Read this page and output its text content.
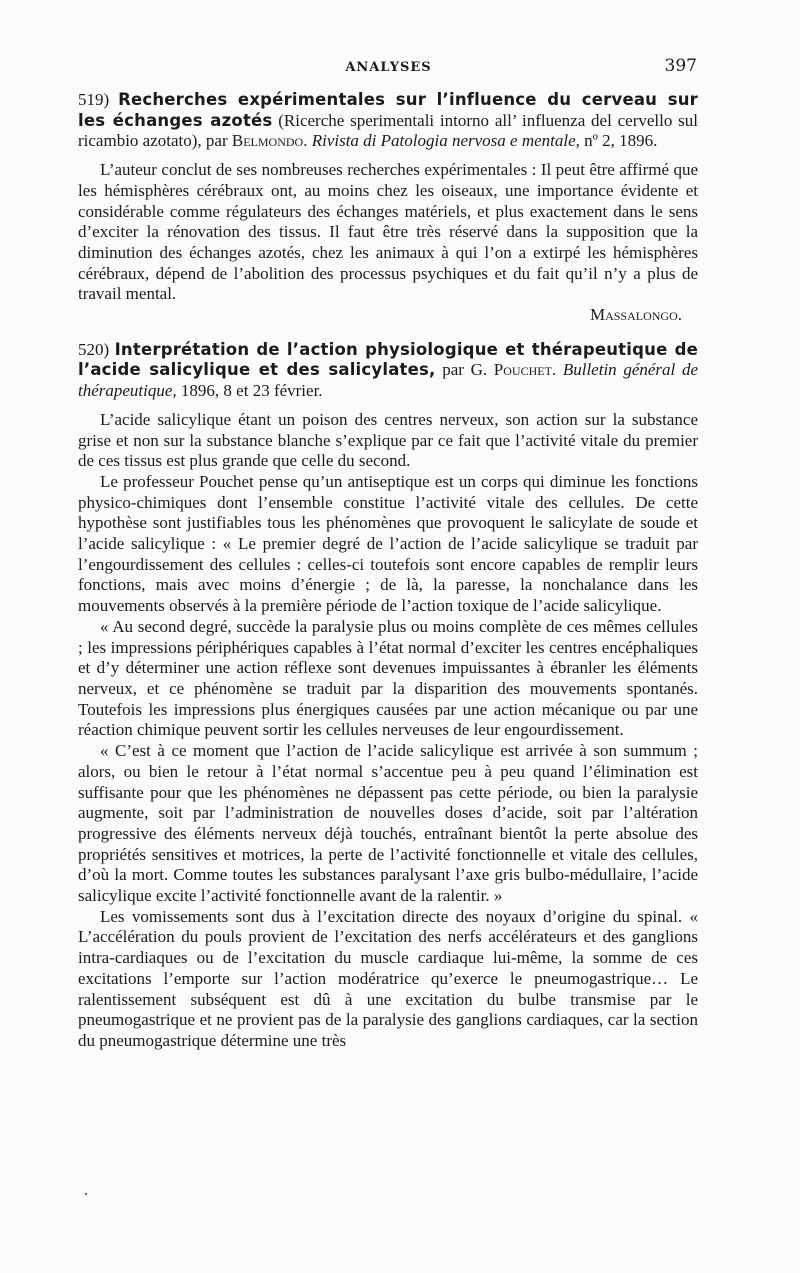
ANALYSES	397

519) Recherches expérimentales sur l’influence du cerveau sur les échanges azotés (Ricerche sperimentali intorno all’ influenza del cervello sul ricambio azotato), par Belmondo. Rivista di Patologia nervosa e mentale, nº 2, 1896.

L’auteur conclut de ses nombreuses recherches expérimentales : Il peut être affirmé que les hémisphères cérébraux ont, au moins chez les oiseaux, une importance évidente et considérable comme régulateurs des échanges matériels, et plus exactement dans le sens d’exciter la rénovation des tissus. Il faut être très réservé dans la supposition que la diminution des échanges azotés, chez les animaux à qui l’on a extirpé les hémisphères cérébraux, dépend de l’abolition des processus psychiques et du fait qu’il n’y a plus de travail mental.

Massalongo.

520) Interprétation de l’action physiologique et thérapeutique de l’acide salicylique et des salicylates, par G. Pouchet. Bulletin général de thérapeutique, 1896, 8 et 23 février.

L’acide salicylique étant un poison des centres nerveux, son action sur la substance grise et non sur la substance blanche s’explique par ce fait que l’activité vitale du premier de ces tissus est plus grande que celle du second.

Le professeur Pouchet pense qu’un antiseptique est un corps qui diminue les fonctions physico-chimiques dont l’ensemble constitue l’activité vitale des cellules. De cette hypothèse sont justifiables tous les phénomènes que provoquent le salicylate de soude et l’acide salicylique : « Le premier degré de l’action de l’acide salicylique se traduit par l’engourdissement des cellules : celles-ci toutefois sont encore capables de remplir leurs fonctions, mais avec moins d’énergie ; de là, la paresse, la nonchalance dans les mouvements observés à la première période de l’action toxique de l’acide salicylique.

« Au second degré, succède la paralysie plus ou moins complète de ces mêmes cellules ; les impressions périphériques capables à l’état normal d’exciter les centres encéphaliques et d’y déterminer une action réflexe sont devenues impuissantes à ébranler les éléments nerveux, et ce phénomène se traduit par la disparition des mouvements spontanés. Toutefois les impressions plus énergiques causées par une action mécanique ou par une réaction chimique peuvent sortir les cellules nerveuses de leur engourdissement.

« C’est à ce moment que l’action de l’acide salicylique est arrivée à son summum ; alors, ou bien le retour à l’état normal s’accentue peu à peu quand l’élimination est suffisante pour que les phénomènes ne dépassent pas cette période, ou bien la paralysie augmente, soit par l’administration de nouvelles doses d’acide, soit par l’altération progressive des éléments nerveux déjà touchés, entraînant bientôt la perte absolue des propriétés sensitives et motrices, la perte de l’activité fonctionnelle et vitale des cellules, d’où la mort. Comme toutes les substances paralysant l’axe gris bulbo-médullaire, l’acide salicylique excite l’activité fonctionnelle avant de la ralentir. »

Les vomissements sont dus à l’excitation directe des noyaux d’origine du spinal. « L’accélération du pouls provient de l’excitation des nerfs accélérateurs et des ganglions intra-cardiaques ou de l’excitation du muscle cardiaque lui-même, la somme de ces excitations l’emporte sur l’action modératrice qu’exerce le pneumogastrique… Le ralentissement subséquent est dû à une excitation du bulbe transmise par le pneumogastrique et ne provient pas de la paralysie des ganglions cardiaques, car la section du pneumogastrique détermine une très
